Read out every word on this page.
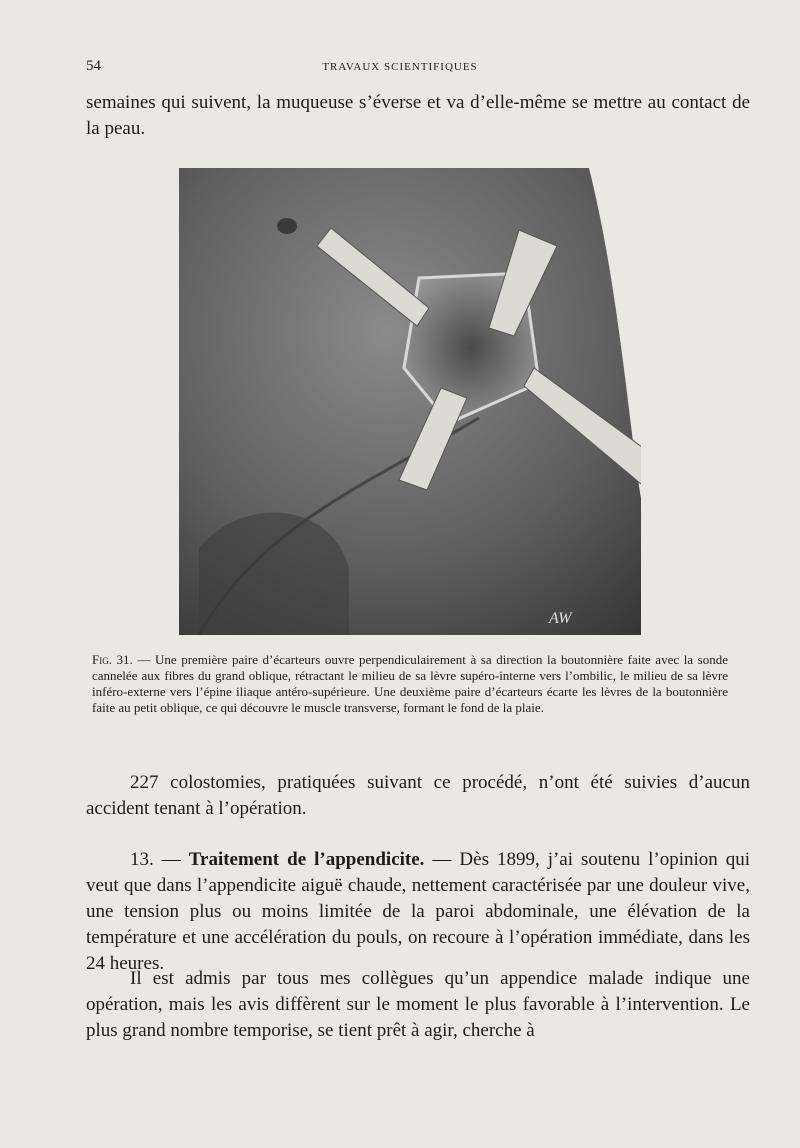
54	TRAVAUX SCIENTIFIQUES

semaines qui suivent, la muqueuse s’éverse et va d’elle-même se mettre au contact de la peau.

AW

Fig. 31. — Une première paire d’écarteurs ouvre perpendiculairement à sa direction la boutonnière faite avec la sonde cannelée aux fibres du grand oblique, rétractant le milieu de sa lèvre supéro-interne vers l’ombilic, le milieu de sa lèvre inféro-externe vers l’épine iliaque antéro-supérieure. Une deuxième paire d’écarteurs écarte les lèvres de la boutonnière faite au petit oblique, ce qui découvre le muscle transverse, formant le fond de la plaie.

227 colostomies, pratiquées suivant ce procédé, n’ont été suivies d’aucun accident tenant à l’opération.

13. — Traitement de l’appendicite. — Dès 1899, j’ai soutenu l’opinion qui veut que dans l’appendicite aiguë chaude, nettement caractérisée par une douleur vive, une tension plus ou moins limitée de la paroi abdominale, une élévation de la température et une accélération du pouls, on recoure à l’opération immédiate, dans les 24 heures.

Il est admis par tous mes collègues qu’un appendice malade indique une opération, mais les avis diffèrent sur le moment le plus favorable à l’intervention. Le plus grand nombre temporise, se tient prêt à agir, cherche à
